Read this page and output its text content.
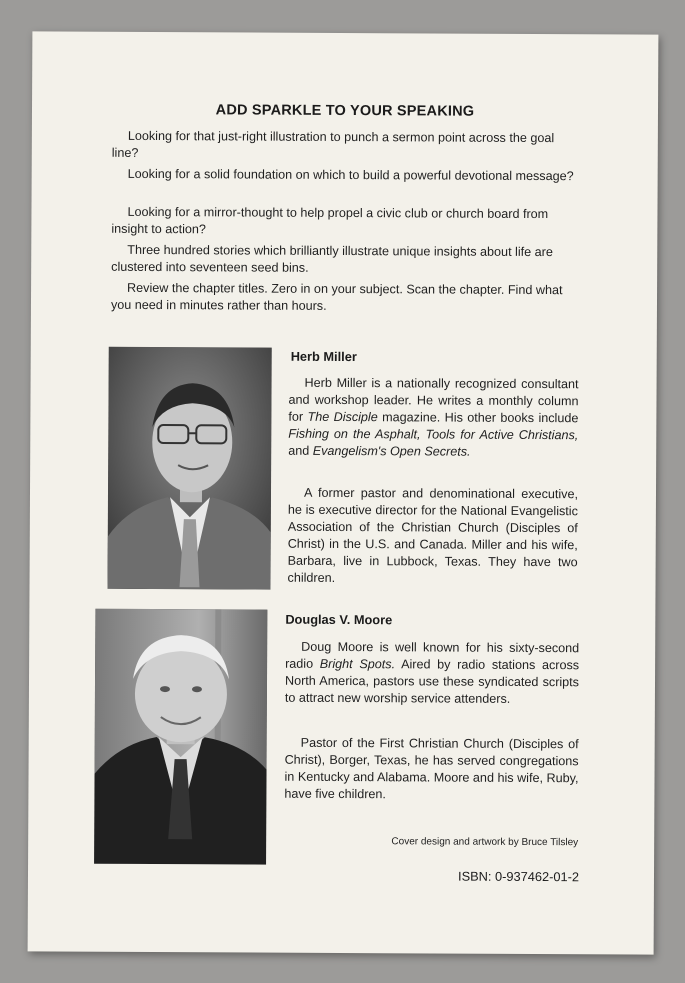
ADD SPARKLE TO YOUR SPEAKING

Looking for that just-right illustration to punch a sermon point across the goal line?

Looking for a solid foundation on which to build a powerful devotional message?

Looking for a mirror-thought to help propel a civic club or church board from insight to action?

Three hundred stories which brilliantly illustrate unique insights about life are clustered into seventeen seed bins.

Review the chapter titles. Zero in on your subject. Scan the chapter. Find what you need in minutes rather than hours.

Herb Miller

Herb Miller is a nationally recognized consultant and workshop leader. He writes a monthly column for The Disciple magazine. His other books include Fishing on the Asphalt, Tools for Active Christians, and Evangelism's Open Secrets.

A former pastor and denominational executive, he is executive director for the National Evangelistic Association of the Christian Church (Disciples of Christ) in the U.S. and Canada. Miller and his wife, Barbara, live in Lubbock, Texas. They have two children.

Douglas V. Moore

Doug Moore is well known for his sixty-second radio Bright Spots. Aired by radio stations across North America, pastors use these syndicated scripts to attract new worship service attenders.

Pastor of the First Christian Church (Disciples of Christ), Borger, Texas, he has served congregations in Kentucky and Alabama. Moore and his wife, Ruby, have five children.

Cover design and artwork by Bruce Tilsley
ISBN: 0-937462-01-2
